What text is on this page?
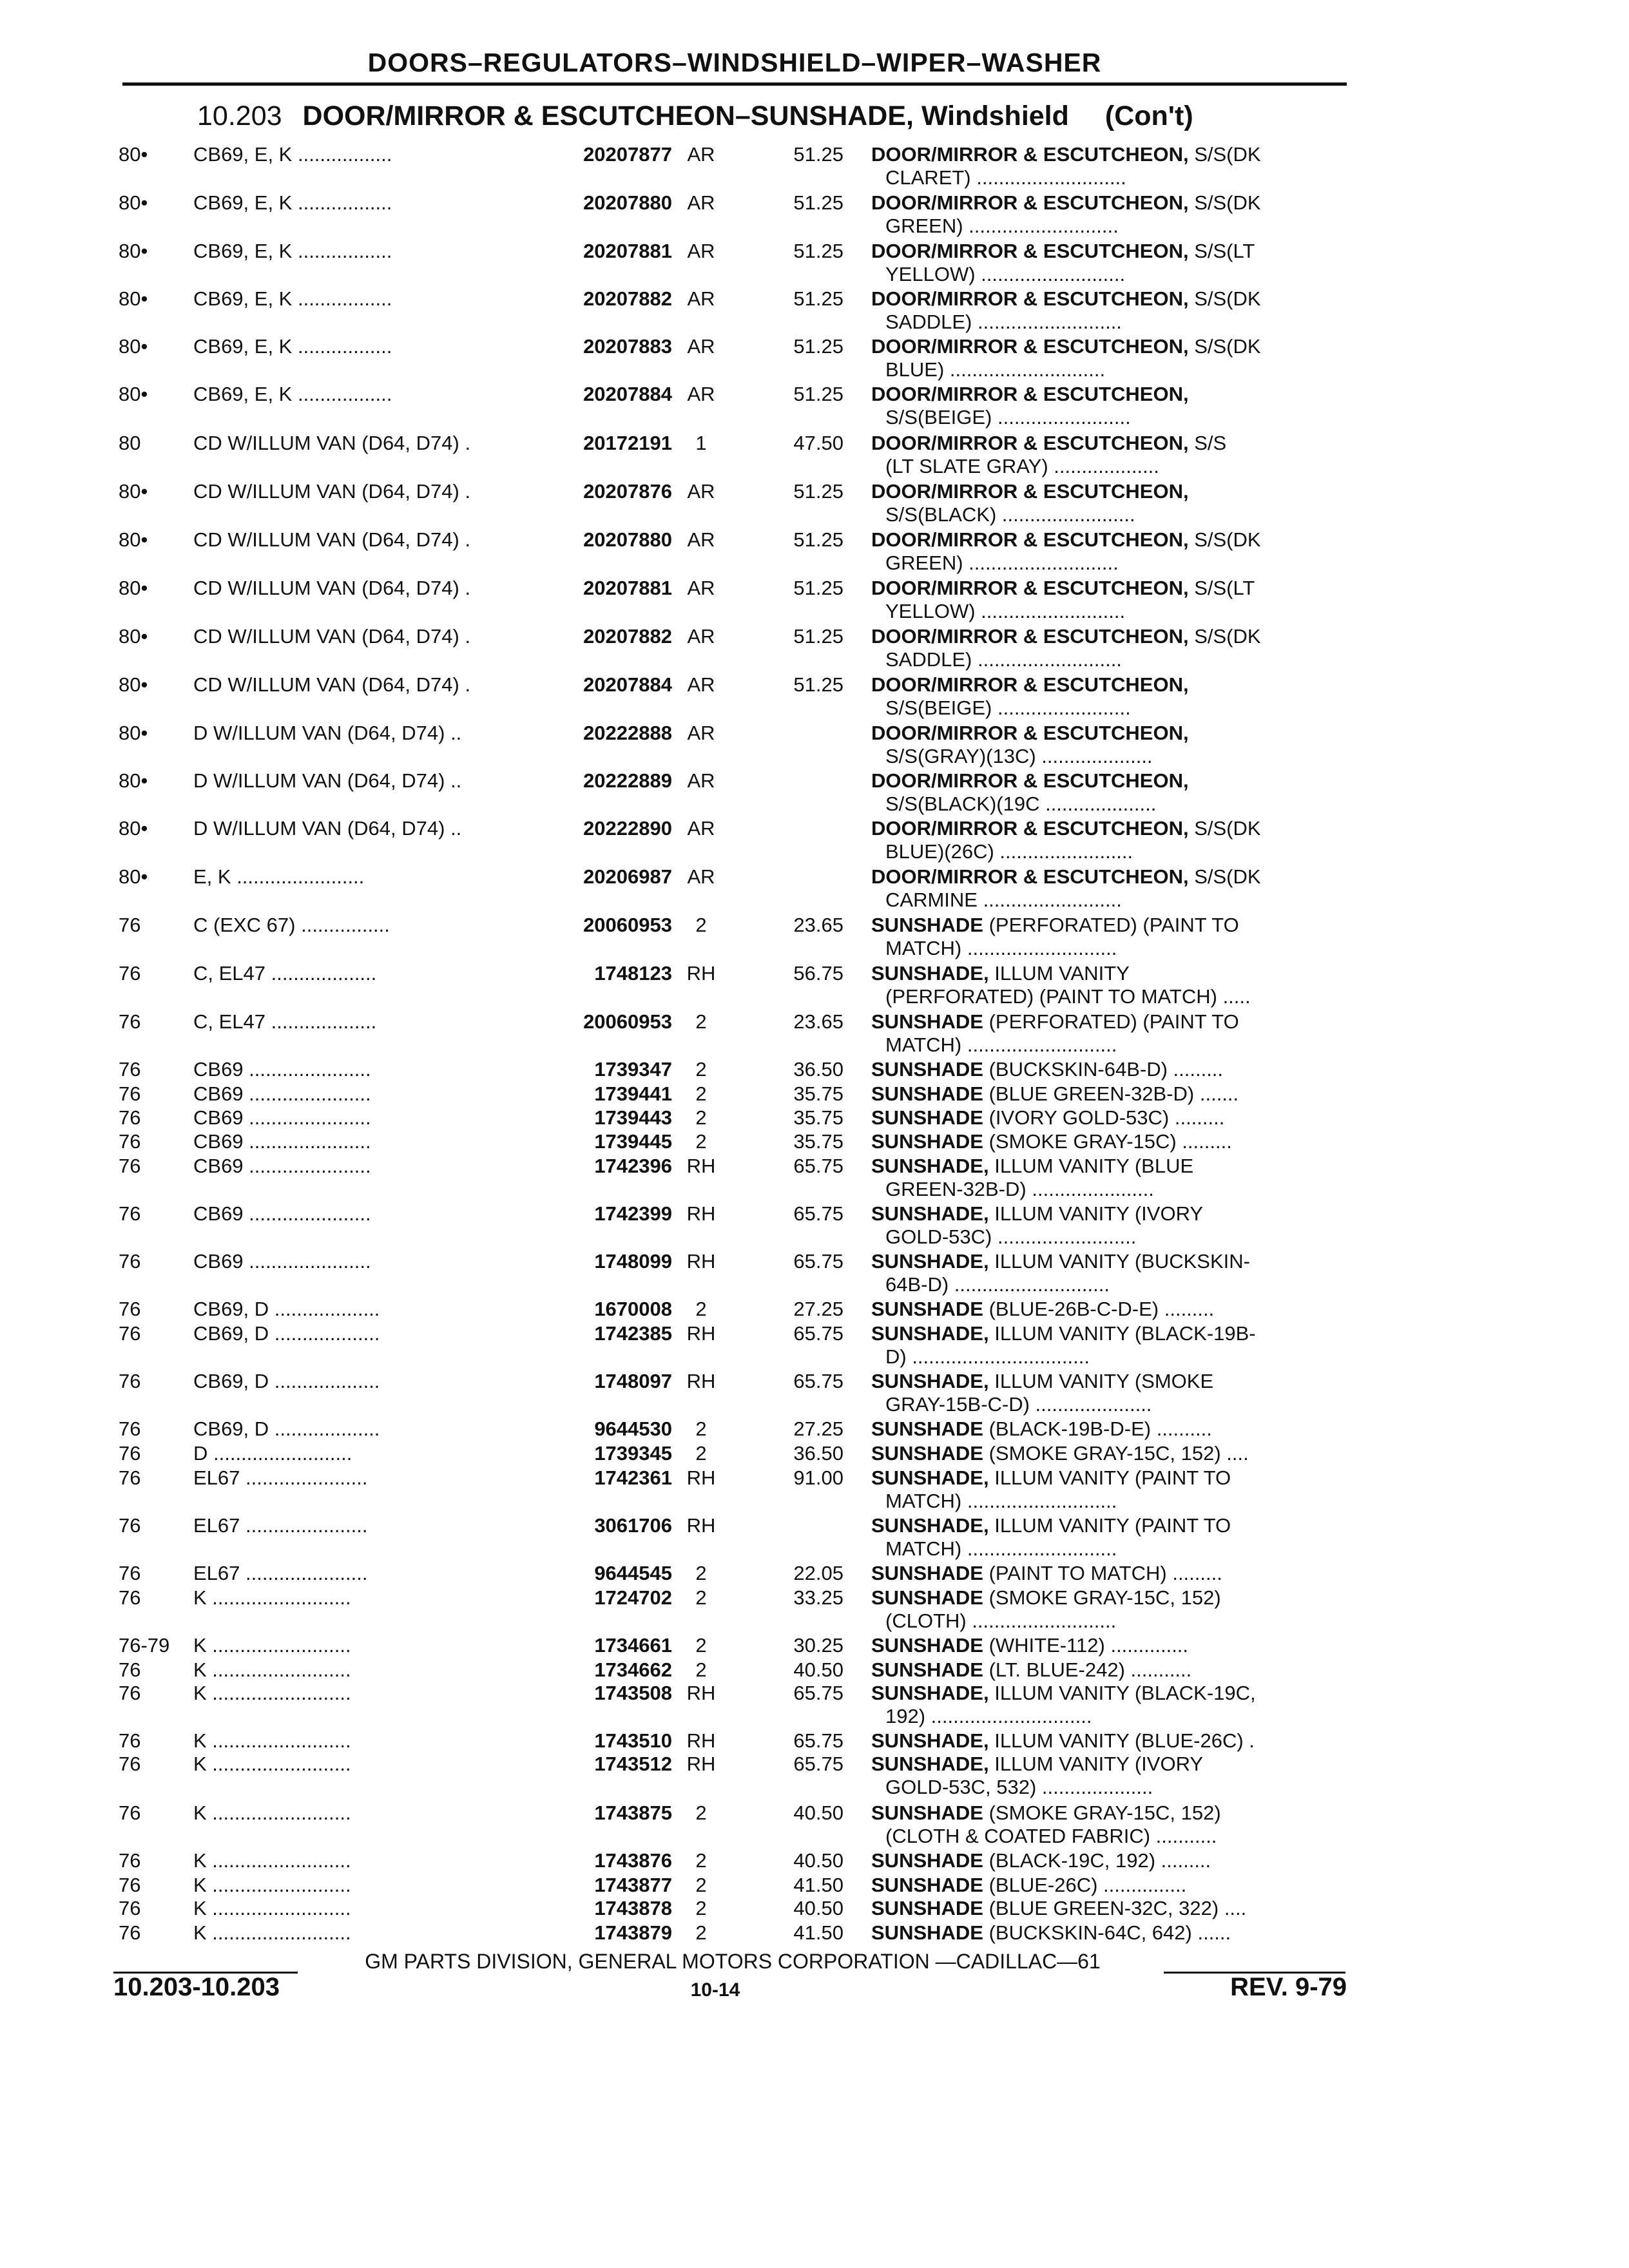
DOORS–REGULATORS–WINDSHIELD–WIPER–WASHER
10.203 DOOR/MIRROR & ESCUTCHEON–SUNSHADE, Windshield (Con't)
80• CB69, E, K .................	20207877 AR	51.25 DOOR/MIRROR & ESCUTCHEON, S/S(DK
CLARET) ...........................
80• CB69, E, K .................	20207880 AR	51.25 DOOR/MIRROR & ESCUTCHEON, S/S(DK
GREEN) ...........................
80• CB69, E, K .................	20207881 AR	51.25 DOOR/MIRROR & ESCUTCHEON, S/S(LT
YELLOW) ..........................
80• CB69, E, K .................	20207882 AR	51.25 DOOR/MIRROR & ESCUTCHEON, S/S(DK
SADDLE) ..........................
80• CB69, E, K .................	20207883 AR	51.25 DOOR/MIRROR & ESCUTCHEON, S/S(DK
BLUE) ............................
80• CB69, E, K .................	20207884 AR	51.25 DOOR/MIRROR & ESCUTCHEON,
S/S(BEIGE) ........................
80	CD W/ILLUM VAN (D64, D74) .	20172191	1	47.50 DOOR/MIRROR & ESCUTCHEON, S/S
(LT SLATE GRAY) ...................
80• CD W/ILLUM VAN (D64, D74) .	20207876 AR	51.25 DOOR/MIRROR & ESCUTCHEON,
S/S(BLACK) ........................
80• CD W/ILLUM VAN (D64, D74) .	20207880 AR	51.25 DOOR/MIRROR & ESCUTCHEON, S/S(DK
GREEN) ...........................
80• CD W/ILLUM VAN (D64, D74) .	20207881 AR	51.25 DOOR/MIRROR & ESCUTCHEON, S/S(LT
YELLOW) ..........................
80• CD W/ILLUM VAN (D64, D74) .	20207882 AR	51.25 DOOR/MIRROR & ESCUTCHEON, S/S(DK
SADDLE) ..........................
80• CD W/ILLUM VAN (D64, D74) .	20207884 AR	51.25 DOOR/MIRROR & ESCUTCHEON,
S/S(BEIGE) ........................
80• D W/ILLUM VAN (D64, D74) ..	20222888 AR	DOOR/MIRROR & ESCUTCHEON,
S/S(GRAY)(13C) ....................
80• D W/ILLUM VAN (D64, D74) ..	20222889 AR	DOOR/MIRROR & ESCUTCHEON,
S/S(BLACK)(19C ....................
80• D W/ILLUM VAN (D64, D74) ..	20222890 AR	DOOR/MIRROR & ESCUTCHEON, S/S(DK
BLUE)(26C) ........................
80• E, K .......................	20206987 AR	DOOR/MIRROR & ESCUTCHEON, S/S(DK
CARMINE .........................
76	C (EXC 67) ................	20060953	2	23.65 SUNSHADE (PERFORATED) (PAINT TO
MATCH) ...........................
76	C, EL47 ...................	1748123 RH	56.75 SUNSHADE, ILLUM VANITY
(PERFORATED) (PAINT TO MATCH) .....
76	C, EL47 ...................	20060953	2	23.65 SUNSHADE (PERFORATED) (PAINT TO
MATCH) ...........................
76	CB69 ......................	1739347	2	36.50 SUNSHADE (BUCKSKIN-64B-D) .........
76	CB69 ......................	1739441	2	35.75 SUNSHADE (BLUE GREEN-32B-D) .......
76	CB69 ......................	1739443	2	35.75 SUNSHADE (IVORY GOLD-53C) .........
76	CB69 ......................	1739445	2	35.75 SUNSHADE (SMOKE GRAY-15C) .........
76	CB69 ......................	1742396 RH	65.75 SUNSHADE, ILLUM VANITY (BLUE
GREEN-32B-D) ......................
76	CB69 ......................	1742399 RH	65.75 SUNSHADE, ILLUM VANITY (IVORY
GOLD-53C) .........................
76	CB69 ......................	1748099 RH	65.75 SUNSHADE, ILLUM VANITY (BUCKSKIN-
64B-D) ............................
76	CB69, D ...................	1670008	2	27.25 SUNSHADE (BLUE-26B-C-D-E) .........
76	CB69, D ...................	1742385 RH	65.75 SUNSHADE, ILLUM VANITY (BLACK-19B-
D) ................................
76	CB69, D ...................	1748097 RH	65.75 SUNSHADE, ILLUM VANITY (SMOKE
GRAY-15B-C-D) .....................
76	CB69, D ...................	9644530	2	27.25 SUNSHADE (BLACK-19B-D-E) ..........
76	D .........................	1739345	2	36.50 SUNSHADE (SMOKE GRAY-15C, 152) ....
76	EL67 ......................	1742361 RH	91.00 SUNSHADE, ILLUM VANITY (PAINT TO
MATCH) ...........................
76	EL67 ......................	3061706 RH	SUNSHADE, ILLUM VANITY (PAINT TO
MATCH) ...........................
76	EL67 ......................	9644545	2	22.05 SUNSHADE (PAINT TO MATCH) .........
76	K .........................	1724702	2	33.25 SUNSHADE (SMOKE GRAY-15C, 152)
(CLOTH) ..........................
76-79 K .........................	1734661	2	30.25 SUNSHADE (WHITE-112) ..............
76	K .........................	1734662	2	40.50 SUNSHADE (LT. BLUE-242) ...........
76	K .........................	1743508 RH	65.75 SUNSHADE, ILLUM VANITY (BLACK-19C,
192) .............................
76	K .........................	1743510 RH	65.75 SUNSHADE, ILLUM VANITY (BLUE-26C) .
76	K .........................	1743512 RH	65.75 SUNSHADE, ILLUM VANITY (IVORY
GOLD-53C, 532) ....................
76	K .........................	1743875	2	40.50 SUNSHADE (SMOKE GRAY-15C, 152)
(CLOTH & COATED FABRIC) ...........
76	K .........................	1743876	2	40.50 SUNSHADE (BLACK-19C, 192) .........
76	K .........................	1743877	2	41.50 SUNSHADE (BLUE-26C) ...............
76	K .........................	1743878	2	40.50 SUNSHADE (BLUE GREEN-32C, 322) ....
76	K .........................	1743879	2	41.50 SUNSHADE (BUCKSKIN-64C, 642) ......
GM PARTS DIVISION, GENERAL MOTORS CORPORATION —CADILLAC—61
10.203-10.203	10-14	REV. 9-79
